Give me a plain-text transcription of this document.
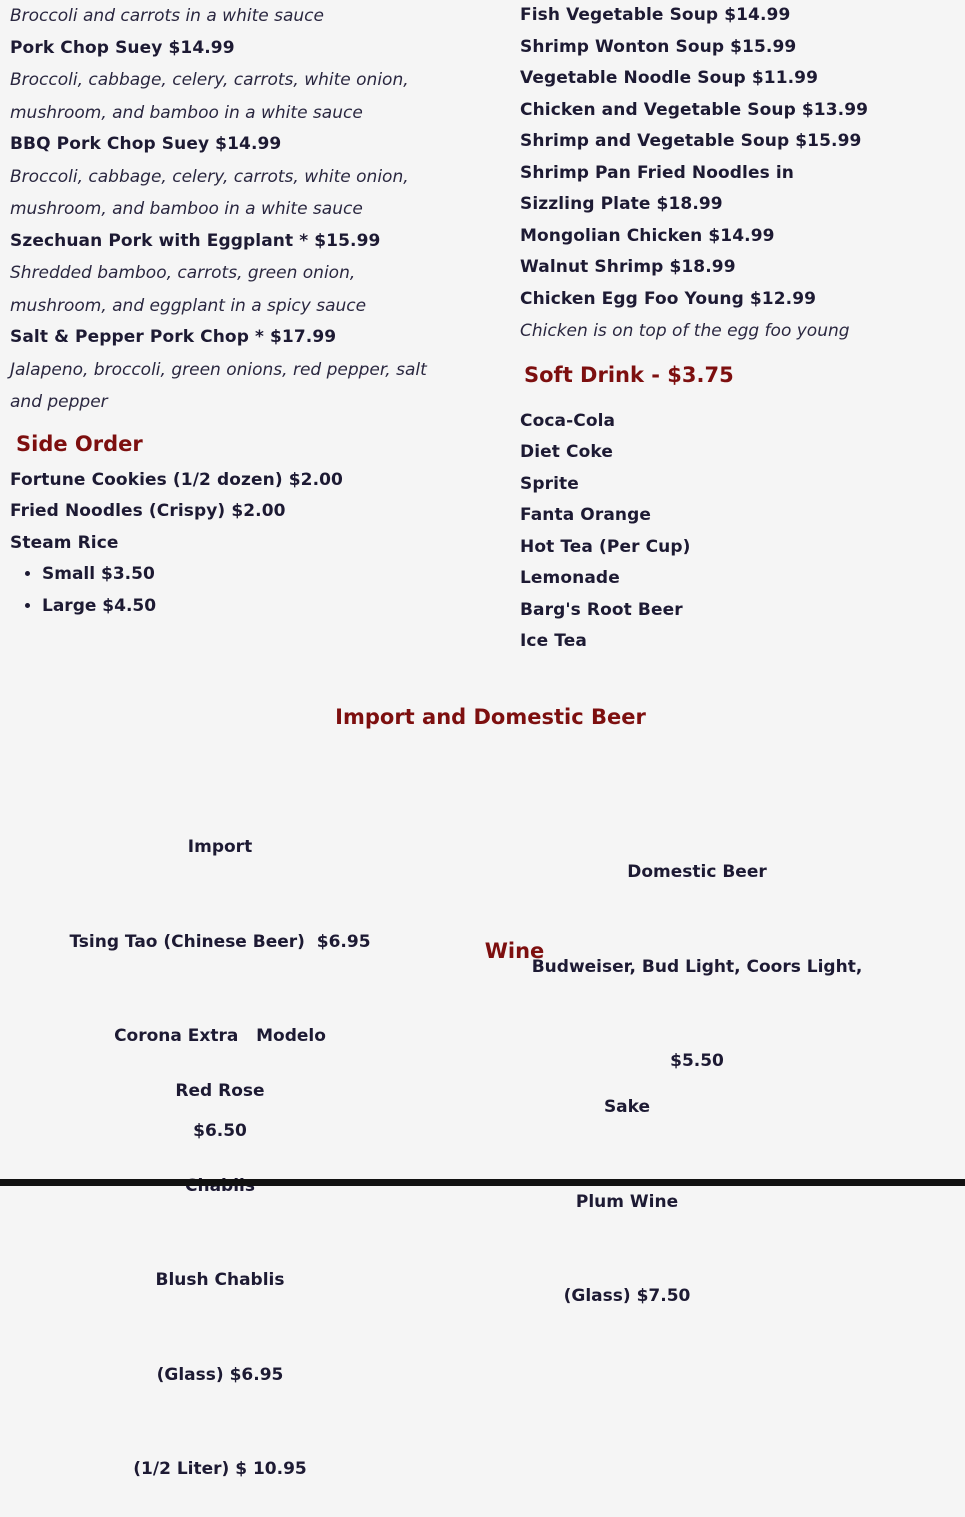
Broccoli and carrots in a white sauce
Pork Chop Suey $14.99
Broccoli, cabbage, celery, carrots, white onion,
mushroom, and bamboo in a white sauce
BBQ Pork Chop Suey $14.99
Broccoli, cabbage, celery, carrots, white onion,
mushroom, and bamboo in a white sauce
Szechuan Pork with Eggplant * $15.99
Shredded bamboo, carrots, green onion,
mushroom, and eggplant in a spicy sauce
Salt & Pepper Pork Chop * $17.99
Jalapeno, broccoli, green onions, red pepper, salt
and pepper
Side Order
Fortune Cookies (1/2 dozen) $2.00
Fried Noodles (Crispy) $2.00
Steam Rice
• Small $3.50
• Large $4.50
Fish Vegetable Soup $14.99
Shrimp Wonton Soup $15.99
Vegetable Noodle Soup $11.99
Chicken and Vegetable Soup $13.99
Shrimp and Vegetable Soup $15.99
Shrimp Pan Fried Noodles in
Sizzling Plate $18.99
Mongolian Chicken $14.99
Walnut Shrimp $18.99
Chicken Egg Foo Young $12.99
Chicken is on top of the egg foo young
Soft Drink - $3.75
Coca-Cola
Diet Coke
Sprite
Fanta Orange
Hot Tea (Per Cup)
Lemonade
Barg's Root Beer
Ice Tea
Import and Domestic Beer

Import

Tsing Tao (Chinese Beer)  $6.95

Corona Extra   Modelo

$6.50

Domestic Beer

Budweiser, Bud Light, Coors Light,

$5.50

Wine

Red Rose

Blush Chablis

(Glass) $6.95

(1/2 Liter) $ 10.95

Sake

Plum Wine

(Glass) $7.50
